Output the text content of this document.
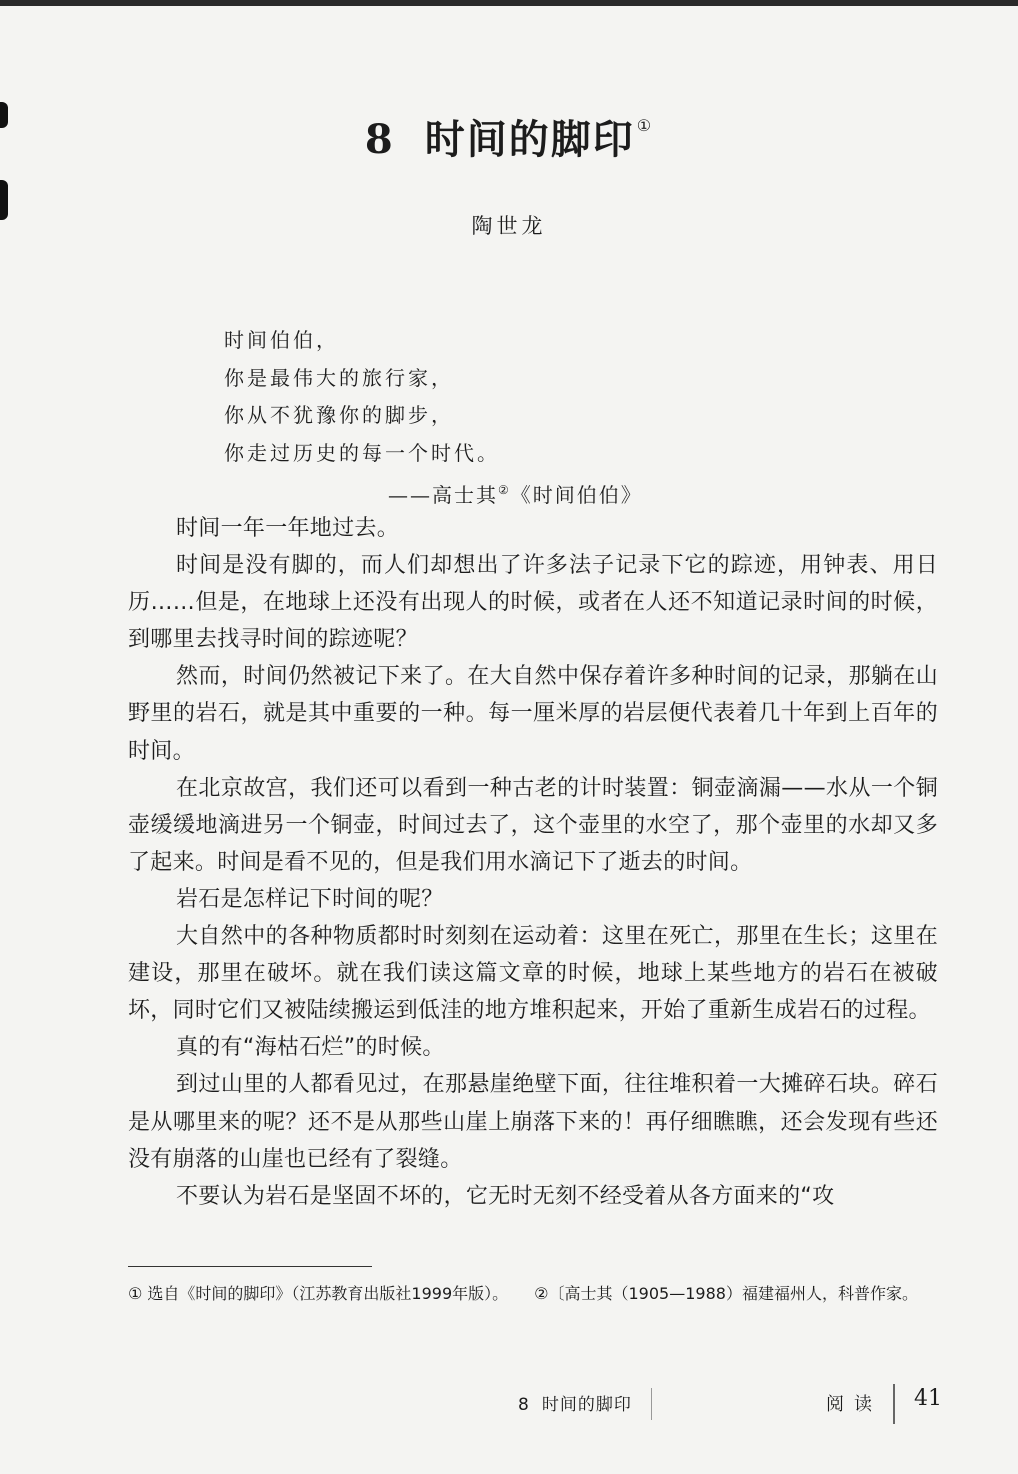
8 时间的脚印 ①
陶世龙
时间伯伯，
你是最伟大的旅行家，
你从不犹豫你的脚步，
你走过历史的每一个时代。
——高士其②《时间伯伯》

时间一年一年地过去。

时间是没有脚的，而人们却想出了许多法子记录下它的踪迹，用钟表、用日历……但是，在地球上还没有出现人的时候，或者在人还不知道记录时间的时候，到哪里去找寻时间的踪迹呢？

然而，时间仍然被记下来了。在大自然中保存着许多种时间的记录，那躺在山野里的岩石，就是其中重要的一种。每一厘米厚的岩层便代表着几十年到上百年的时间。

在北京故宫，我们还可以看到一种古老的计时装置：铜壶滴漏——水从一个铜壶缓缓地滴进另一个铜壶，时间过去了，这个壶里的水空了，那个壶里的水却又多了起来。时间是看不见的，但是我们用水滴记下了逝去的时间。

岩石是怎样记下时间的呢？

大自然中的各种物质都时时刻刻在运动着：这里在死亡，那里在生长；这里在建设，那里在破坏。就在我们读这篇文章的时候，地球上某些地方的岩石在被破坏，同时它们又被陆续搬运到低洼的地方堆积起来，开始了重新生成岩石的过程。

真的有“海枯石烂”的时候。

到过山里的人都看见过，在那悬崖绝壁下面，往往堆积着一大摊碎石块。碎石是从哪里来的呢？还不是从那些山崖上崩落下来的！再仔细瞧瞧，还会发现有些还没有崩落的山崖也已经有了裂缝。

不要认为岩石是坚固不坏的，它无时无刻不经受着从各方面来的“攻

① 选自《时间的脚印》（江苏教育出版社1999年版）。 ②〔高士其（1905—1988）福建福州人，科普作家。
8 时间的脚印	阅读 41
